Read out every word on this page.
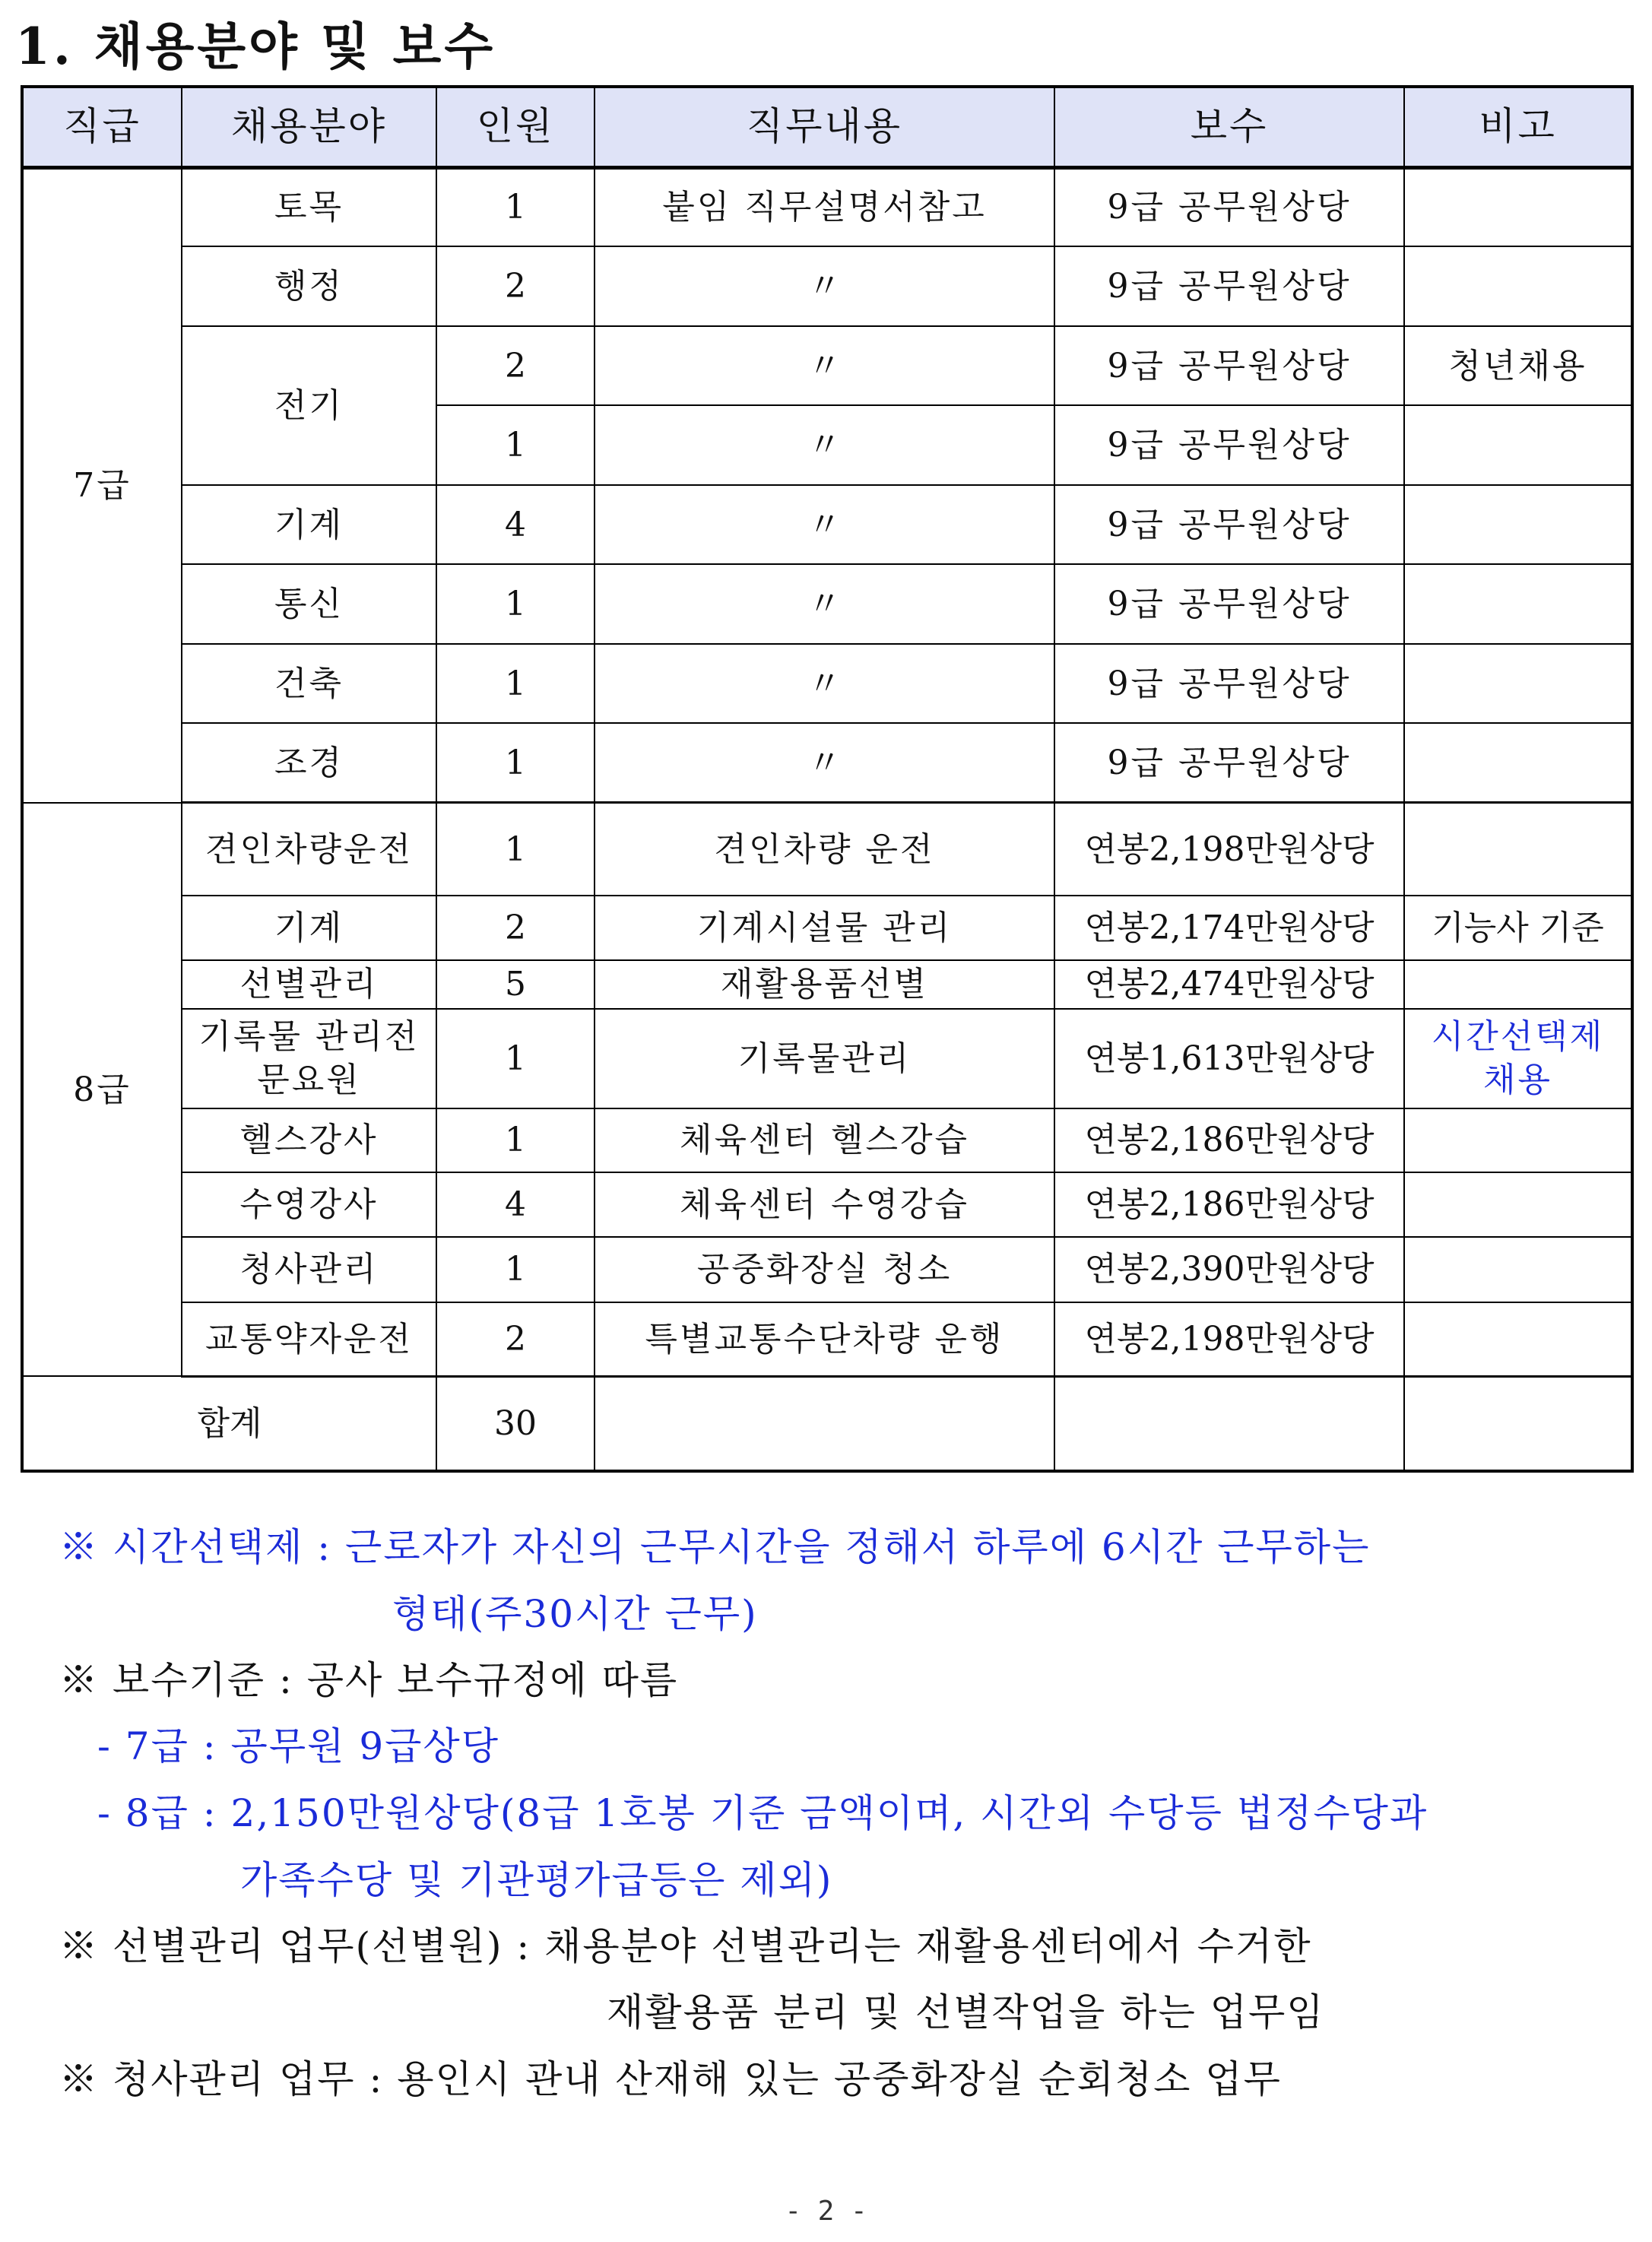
1. 채용분야 및 보수
직급	채용분야	인원	직무내용	보수	비고
7급	토목	1	붙임 직무설명서참고	9급 공무원상당	
	행정	2	〃	9급 공무원상당	
	전기	2	〃	9급 공무원상당	청년채용
		1	〃	9급 공무원상당	
	기계	4	〃	9급 공무원상당	
	통신	1	〃	9급 공무원상당	
	건축	1	〃	9급 공무원상당	
	조경	1	〃	9급 공무원상당	
8급	견인차량운전	1	견인차량 운전	연봉2,198만원상당	
	기계	2	기계시설물 관리	연봉2,174만원상당	기능사 기준
	선별관리	5	재활용품선별	연봉2,474만원상당	
	기록물 관리전문요원	1	기록물관리	연봉1,613만원상당	시간선택제 채용
	헬스강사	1	체육센터 헬스강습	연봉2,186만원상당	
	수영강사	4	체육센터 수영강습	연봉2,186만원상당	
	청사관리	1	공중화장실 청소	연봉2,390만원상당	
	교통약자운전	2	특별교통수단차량 운행	연봉2,198만원상당	
합계		30			
※ 시간선택제 : 근로자가 자신의 근무시간을 정해서 하루에 6시간 근무하는
형태(주30시간 근무)
※ 보수기준 : 공사 보수규정에 따름
- 7급 : 공무원 9급상당
- 8급 : 2,150만원상당(8급 1호봉 기준 금액이며, 시간외 수당등 법정수당과
가족수당 및 기관평가급등은 제외)
※ 선별관리 업무(선별원) : 채용분야 선별관리는 재활용센터에서 수거한
재활용품 분리 및 선별작업을 하는 업무임
※ 청사관리 업무 : 용인시 관내 산재해 있는 공중화장실 순회청소 업무
- 2 -
